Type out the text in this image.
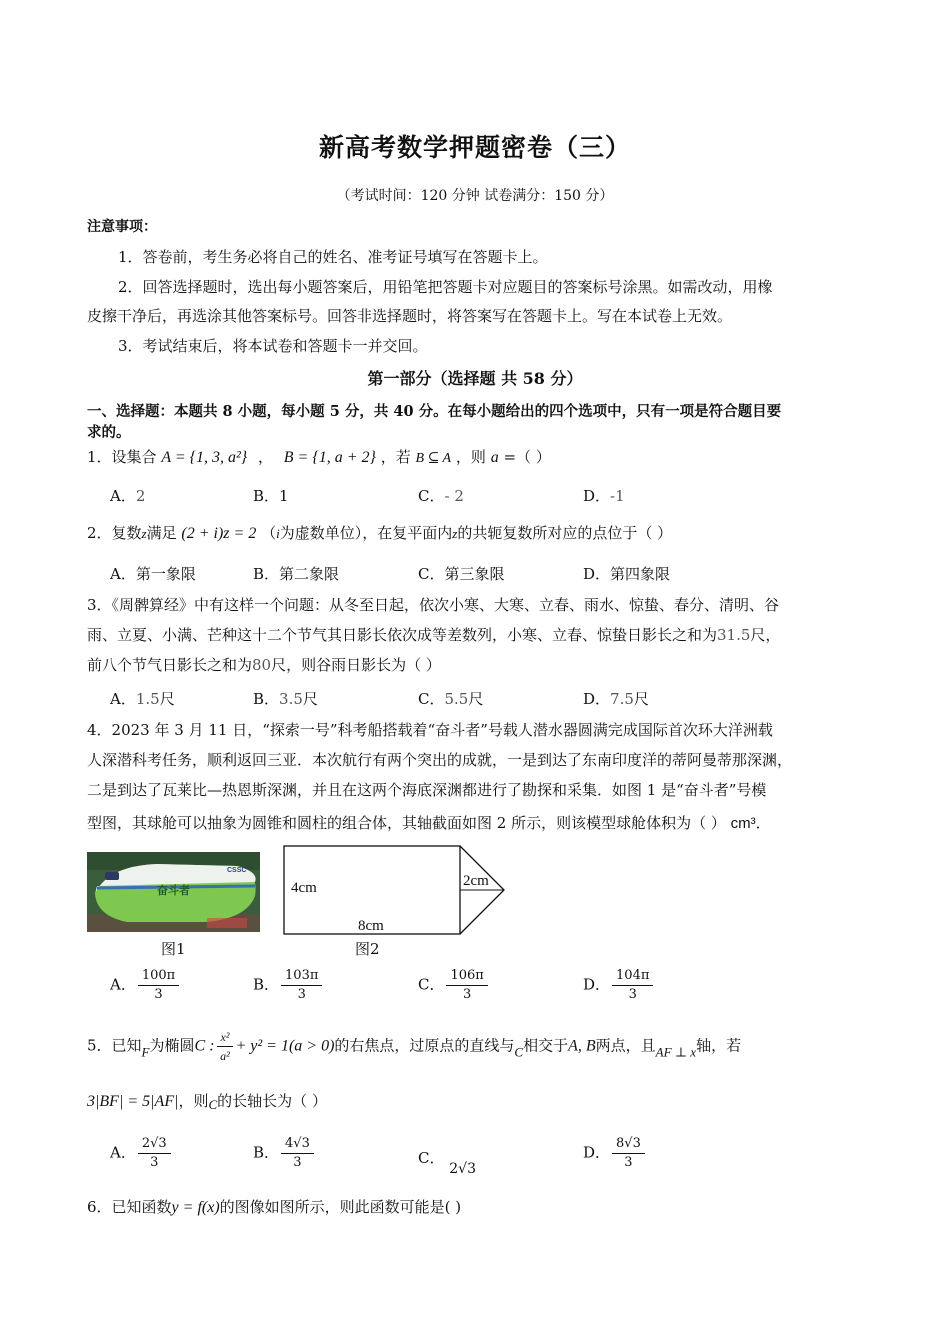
新高考数学押题密卷（三）
（考试时间：120 分钟 试卷满分：150 分）
注意事项：
1．答卷前，考生务必将自己的姓名、准考证号填写在答题卡上。
2．回答选择题时，选出每小题答案后，用铅笔把答题卡对应题目的答案标号涂黑。如需改动，用橡
皮擦干净后，再选涂其他答案标号。回答非选择题时，将答案写在答题卡上。写在本试卷上无效。
3．考试结束后，将本试卷和答题卡一并交回。
第一部分（选择题 共 58 分）
一、选择题：本题共 8 小题，每小题 5 分，共 40 分。在每小题给出的四个选项中，只有一项是符合题目要
求的。
1．设集合 A = {1, 3, a²} ， B = {1, a + 2} ，若 B ⊆ A ，则 a =（ ）
A．2	B．1	C．- 2	D．-1
2．复数z满足 (2 + i)z = 2 （i为虚数单位），在复平面内z的共轭复数所对应的点位于（ ）
A．第一象限	B．第二象限	C．第三象限	D．第四象限
3．《周髀算经》中有这样一个问题：从冬至日起，依次小寒、大寒、立春、雨水、惊蛰、春分、清明、谷
雨、立夏、小满、芒种这十二个节气其日影长依次成等差数列，小寒、立春、惊蛰日影长之和为31.5尺，
前八个节气日影长之和为80尺，则谷雨日影长为（ ）
A．1.5尺	B．3.5尺	C．5.5尺	D．7.5尺
4．2023 年 3 月 11 日，“探索一号”科考船搭载着“奋斗者”号载人潜水器圆满完成国际首次环大洋洲载
人深潜科考任务，顺利返回三亚．本次航行有两个突出的成就，一是到达了东南印度洋的蒂阿曼蒂那深渊，
二是到达了瓦莱比—热恩斯深渊，并且在这两个海底深渊都进行了勘探和采集．如图 1 是“奋斗者”号模
型图，其球舱可以抽象为圆锥和圆柱的组合体，其轴截面如图 2 所示，则该模型球舱体积为（ ） cm³．
奋斗者
CSSC
图1
4cm
8cm
2cm
图2
A． $\frac{100\pi}{3}$	B． $\frac{103\pi}{3}$	C． $\frac{106\pi}{3}$	D． $\frac{104\pi}{3}$
5．已知F为椭圆C : $\frac{\text{x²}}{\text{a²}} + y^2 = 1(a > 0)$的右焦点，过原点的直线与C相交于A, B两点，且AF ⊥ x轴，若
3|BF| = 5|AF|，则C的长轴长为（ ）
A． $\frac{2√3}{3}$	B． $\frac{4√3}{3}$	C． 2√3
D． $\frac{8√3}{3}$
6．已知函数y = f(x)的图像如图所示，则此函数可能是( )
